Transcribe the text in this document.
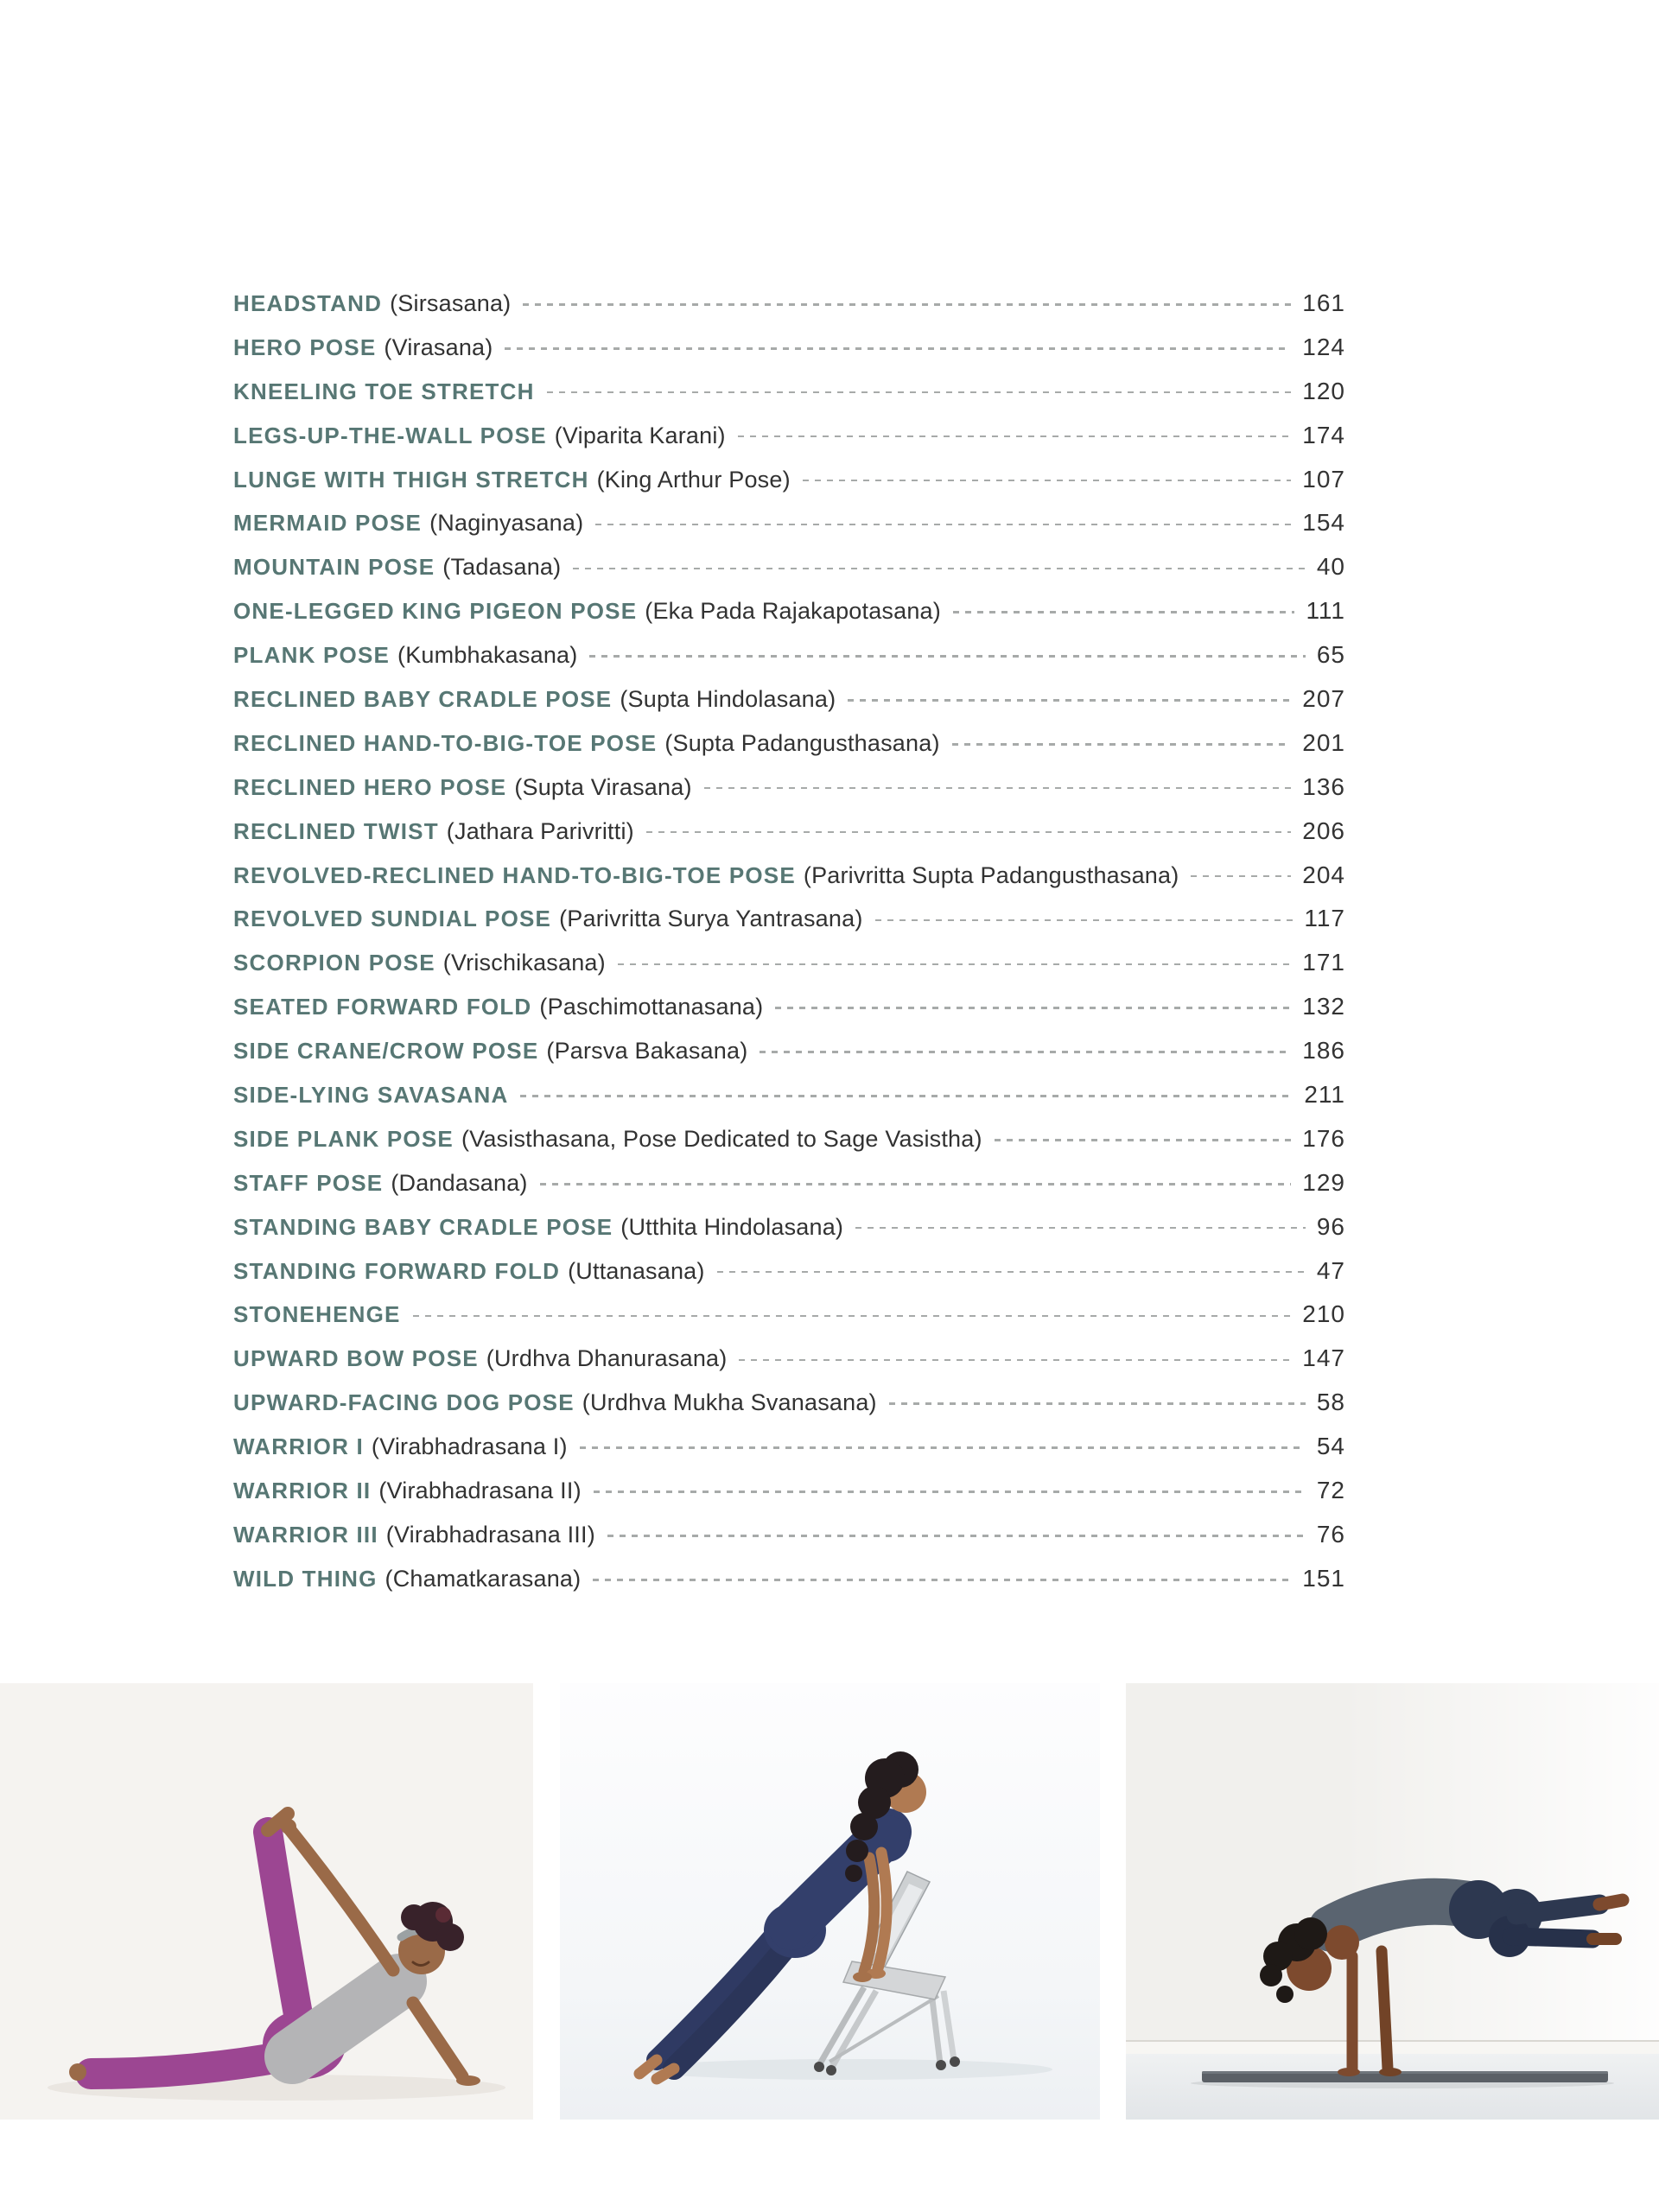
HEADSTAND (Sirsasana)	161
HERO POSE (Virasana)	124
KNEELING TOE STRETCH	120
LEGS-UP-THE-WALL POSE (Viparita Karani)	174
LUNGE WITH THIGH STRETCH (King Arthur Pose)	107
MERMAID POSE (Naginyasana)	154
MOUNTAIN POSE (Tadasana)	40
ONE-LEGGED KING PIGEON POSE (Eka Pada Rajakapotasana)	111
PLANK POSE (Kumbhakasana)	65
RECLINED BABY CRADLE POSE (Supta Hindolasana)	207
RECLINED HAND-TO-BIG-TOE POSE (Supta Padangusthasana)	201
RECLINED HERO POSE (Supta Virasana)	136
RECLINED TWIST (Jathara Parivritti)	206
REVOLVED-RECLINED HAND-TO-BIG-TOE POSE (Parivritta Supta Padangusthasana)	204
REVOLVED SUNDIAL POSE (Parivritta Surya Yantrasana)	117
SCORPION POSE (Vrischikasana)	171
SEATED FORWARD FOLD (Paschimottanasana)	132
SIDE CRANE/CROW POSE (Parsva Bakasana)	186
SIDE-LYING SAVASANA	211
SIDE PLANK POSE (Vasisthasana, Pose Dedicated to Sage Vasistha)	176
STAFF POSE (Dandasana)	129
STANDING BABY CRADLE POSE (Utthita Hindolasana)	96
STANDING FORWARD FOLD (Uttanasana)	47
STONEHENGE	210
UPWARD BOW POSE (Urdhva Dhanurasana)	147
UPWARD-FACING DOG POSE (Urdhva Mukha Svanasana)	58
WARRIOR I (Virabhadrasana I)	54
WARRIOR II (Virabhadrasana II)	72
WARRIOR III (Virabhadrasana III)	76
WILD THING (Chamatkarasana)	151
